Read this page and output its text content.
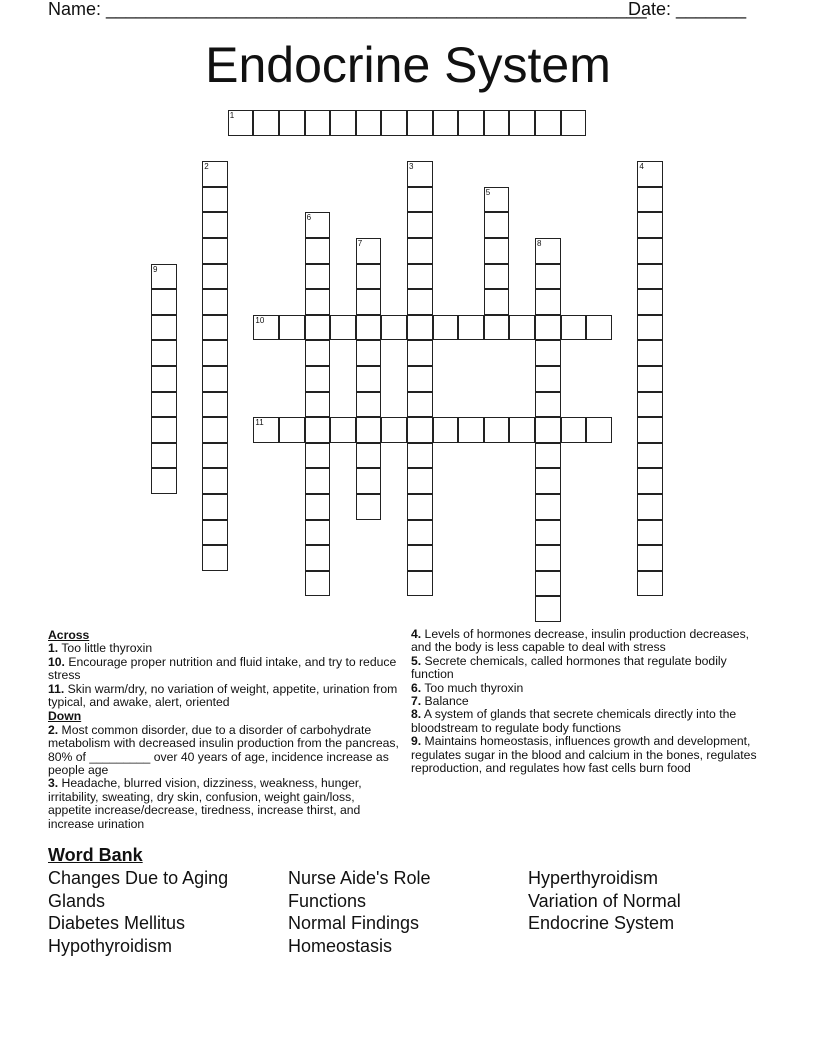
Name: ______________________________________________________
Date: _______
Endocrine System
1
10
11
2	3	4
5
6
7	8
9
Across

1. Too little thyroxin

10. Encourage proper nutrition and fluid intake, and try to reduce stress

11. Skin warm/dry, no variation of weight, appetite, urination from typical, and awake, alert, oriented

Down

2. Most common disorder, due to a disorder of carbohydrate metabolism with decreased insulin production from the pancreas, 80% of _________ over 40 years of age, incidence increase as people age

3. Headache, blurred vision, dizziness, weakness, hunger, irritability, sweating, dry skin, confusion, weight gain/loss, appetite increase/decrease, tiredness, increase thirst, and increase urination

4. Levels of hormones decrease, insulin production decreases, and the body is less capable to deal with stress

5. Secrete chemicals, called hormones that regulate bodily function

6. Too much thyroxin

7. Balance

8. A system of glands that secrete chemicals directly into the bloodstream to regulate body functions

9. Maintains homeostasis, influences growth and development, regulates sugar in the blood and calcium in the bones, regulates reproduction, and regulates how fast cells burn food

Word Bank
Changes Due to Aging
Glands
Diabetes Mellitus
Hypothyroidism
Nurse Aide's Role
Functions
Normal Findings
Homeostasis
Hyperthyroidism
Variation of Normal
Endocrine System
